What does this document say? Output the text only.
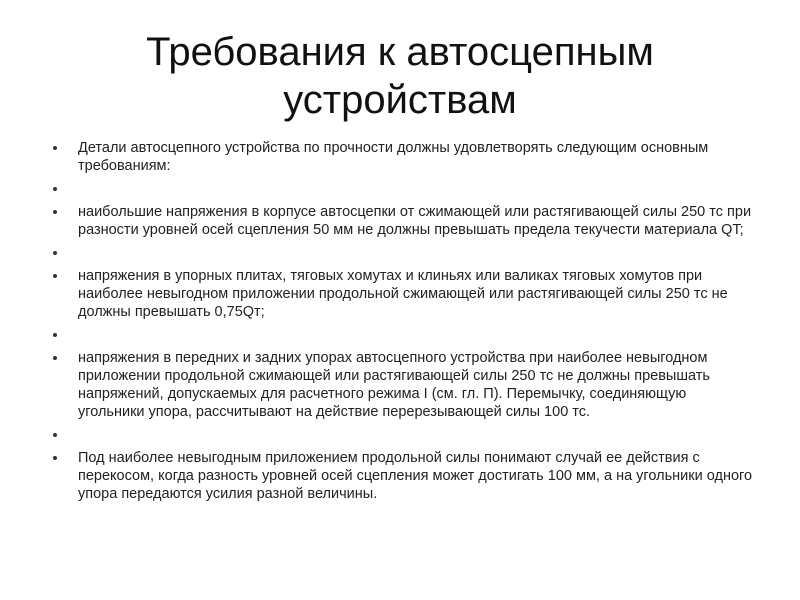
Требования к автосцепным устройствам
Детали автосцепного устройства по прочности должны удовлетворять следующим основным требованиям:
наибольшие напряжения в корпусе автосцепки от сжимающей или растягивающей силы 250 тс при разности уровней осей сцепления 50 мм не должны превышать предела текучести материала QT;
напряжения в упорных плитах, тяговых хомутах и клиньях или валиках тяговых хомутов при наиболее невыгодном приложении продольной сжимающей или растягивающей силы 250 тс не должны превышать 0,75Qт;
напряжения в передних и задних упорах автосцепного устройства при наиболее невыгодном приложении продольной сжимающей или растягивающей силы 250 тс не должны превышать напряжений, допускаемых для расчетного режима I (см. гл. П). Перемычку, соединяющую угольники упора, рассчитывают на действие перерезывающей силы 100 тс.
Под наиболее невыгодным приложением продольной силы понимают случай ее действия с перекосом, когда разность уровней осей сцепления может достигать 100 мм, а на угольники одного упора передаются усилия разной величины.
